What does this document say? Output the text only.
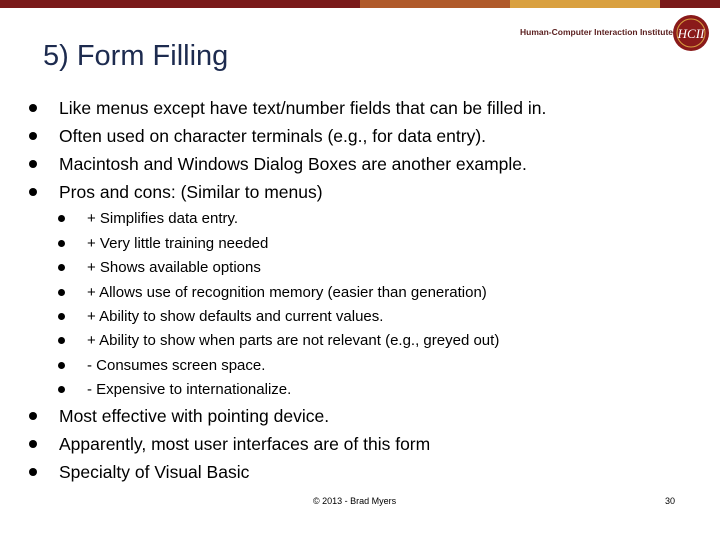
5) Form Filling
Human-Computer Interaction Institute HCII
Like menus except have text/number fields that can be filled in.
Often used on character terminals (e.g., for data entry).
Macintosh and Windows Dialog Boxes are another example.
Pros and cons: (Similar to menus)
+ Simplifies data entry.
+ Very little training needed
+ Shows available options
+ Allows use of recognition memory (easier than generation)
+ Ability to show defaults and current values.
+ Ability to show when parts are not relevant (e.g., greyed out)
- Consumes screen space.
- Expensive to internationalize.
Most effective with pointing device.
Apparently, most user interfaces are of this form
Specialty of Visual Basic
© 2013 - Brad Myers	30
